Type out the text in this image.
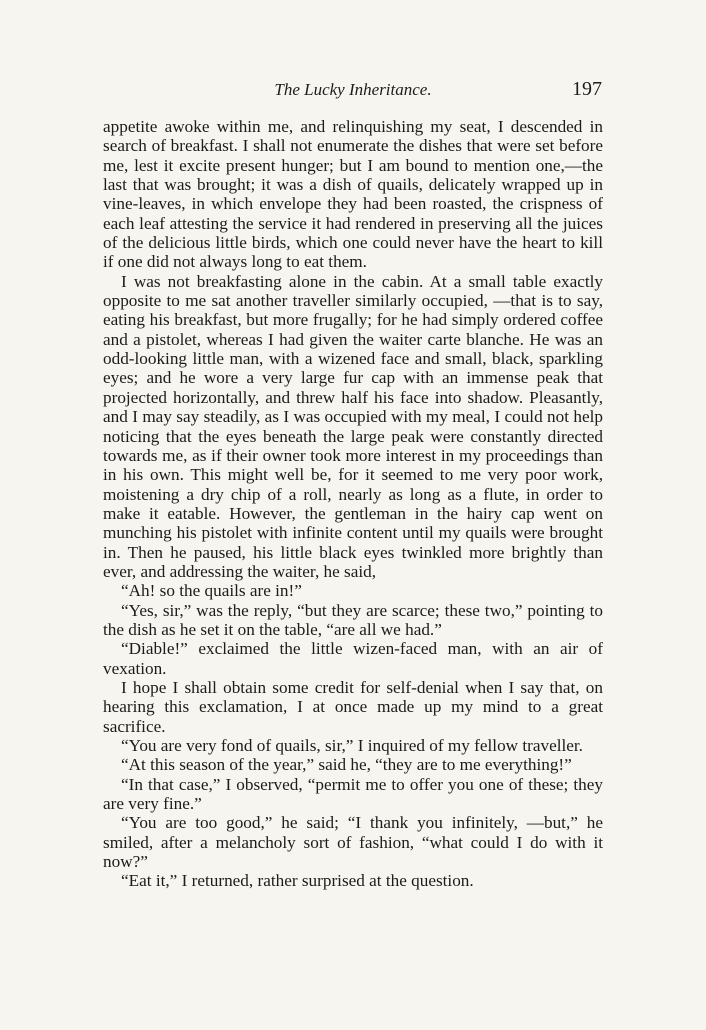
The Lucky Inheritance.	197

appetite awoke within me, and relinquishing my seat, I descended in search of breakfast. I shall not enumerate the dishes that were set before me, lest it excite present hunger; but I am bound to mention one,—the last that was brought; it was a dish of quails, delicately wrapped up in vine-leaves, in which envelope they had been roasted, the crispness of each leaf attesting the service it had rendered in preserving all the juices of the delicious little birds, which one could never have the heart to kill if one did not always long to eat them.

I was not breakfasting alone in the cabin. At a small table exactly opposite to me sat another traveller similarly occupied, —that is to say, eating his breakfast, but more frugally; for he had simply ordered coffee and a pistolet, whereas I had given the waiter carte blanche. He was an odd-looking little man, with a wizened face and small, black, sparkling eyes; and he wore a very large fur cap with an immense peak that projected horizontally, and threw half his face into shadow. Pleasantly, and I may say steadily, as I was occupied with my meal, I could not help noticing that the eyes beneath the large peak were constantly directed towards me, as if their owner took more interest in my proceedings than in his own. This might well be, for it seemed to me very poor work, moistening a dry chip of a roll, nearly as long as a flute, in order to make it eatable. However, the gentleman in the hairy cap went on munching his pistolet with infinite content until my quails were brought in. Then he paused, his little black eyes twinkled more brightly than ever, and addressing the waiter, he said,

“Ah! so the quails are in!”

“Yes, sir,” was the reply, “but they are scarce; these two,” pointing to the dish as he set it on the table, “are all we had.”

“Diable!” exclaimed the little wizen-faced man, with an air of vexation.

I hope I shall obtain some credit for self-denial when I say that, on hearing this exclamation, I at once made up my mind to a great sacrifice.

“You are very fond of quails, sir,” I inquired of my fellow traveller.

“At this season of the year,” said he, “they are to me everything!”

“In that case,” I observed, “permit me to offer you one of these; they are very fine.”

“You are too good,” he said; “I thank you infinitely, —but,” he smiled, after a melancholy sort of fashion, “what could I do with it now?”

“Eat it,” I returned, rather surprised at the question.
